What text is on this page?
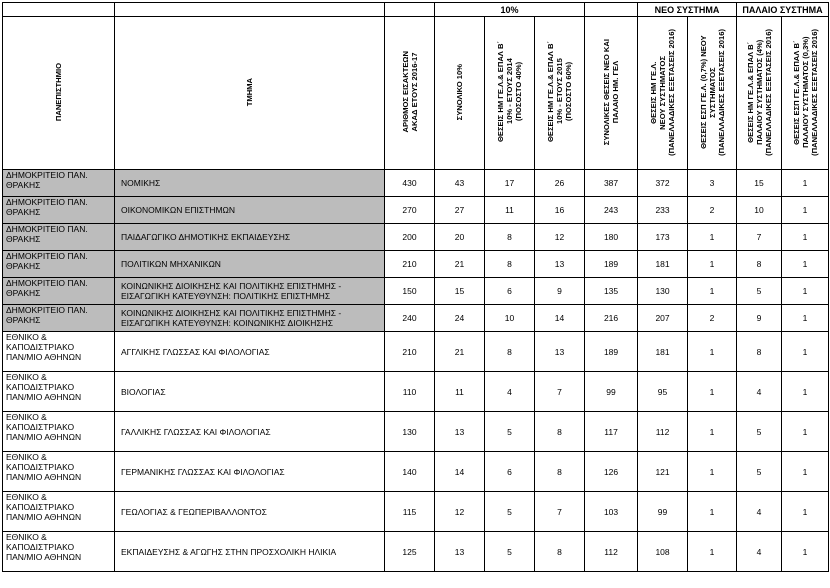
			10%				ΝΕΟ ΣΥΣΤΗΜΑ		ΠΑΛΑΙΟ ΣΥΣΤΗΜΑ	
ΠΑΝΕΠΙΣΤΗΜΙΟ	ΤΜΗΜΑ	ΑΡΙΘΜΟΣ ΕΙΣΑΚΤΕΩΝ
ΑΚΑΔ ΕΤΟΥΣ 2016-17	ΣΥΝΟΛΙΚΟ 10%	ΘΕΣΕΙΣ ΗΜ ΓΕ.Λ.& ΕΠΑΛ Β΄
10% - ΕΤΟΥΣ 2014
(ΠΟΣΟΣΤΟ 40%)	ΘΕΣΕΙΣ ΗΜ ΓΕ.Λ.& ΕΠΑΛ Β΄
10% - ΕΤΟΥΣ 2015
(ΠΟΣΟΣΤΟ 60%)	ΣΥΝΟΛΙΚΕΣ ΘΕΣΕΙΣ ΝΕΟ ΚΑΙ
ΠΑΛΑΙΟ ΗΜ. ΓΕΛ	ΘΕΣΕΙΣ ΗΜ ΓΕ.Λ.
ΝΕΟΥ ΣΥΣΤΗΜΑΤΟΣ
(ΠΑΝΕΛΛΑΔΙΚΕΣ ΕΞΕΤΑΣΕΙΣ 2016)	ΘΕΣΕΙΣ ΕΣΠ ΓΕ.Λ. (0,7%) ΝΕΟΥ
ΣΥΣΤΗΜΑΤΟΣ
(ΠΑΝΕΛΛΑΔΙΚΕΣ ΕΞΕΤΑΣΕΙΣ 2016)	ΘΕΣΕΙΣ ΗΜ ΓΕ.Λ.& ΕΠΑΛ Β΄
ΠΑΛΑΙΟΥ ΣΥΣΤΗΜΑΤΟΣ (4%)
(ΠΑΝΕΛΛΑΔΙΚΕΣ ΕΞΕΤΑΣΕΙΣ 2016)	ΘΕΣΕΙΣ ΕΣΠ ΓΕ.Λ.& ΕΠΑΛ Β΄
ΠΑΛΑΙΟΥ ΣΥΣΤΗΜΑΤΟΣ (0,3%)
(ΠΑΝΕΛΛΑΔΙΚΕΣ ΕΞΕΤΑΣΕΙΣ 2016)
ΔΗΜΟΚΡΙΤΕΙΟ ΠΑΝ.
ΘΡΑΚΗΣ	ΝΟΜΙΚΗΣ	430	43	17	26	387	372	3	15	1
ΔΗΜΟΚΡΙΤΕΙΟ ΠΑΝ.
ΘΡΑΚΗΣ	ΟΙΚΟΝΟΜΙΚΩΝ ΕΠΙΣΤΗΜΩΝ	270	27	11	16	243	233	2	10	1
ΔΗΜΟΚΡΙΤΕΙΟ ΠΑΝ.
ΘΡΑΚΗΣ	ΠΑΙΔΑΓΩΓΙΚΟ ΔΗΜΟΤΙΚΗΣ ΕΚΠΑΙΔΕΥΣΗΣ	200	20	8	12	180	173	1	7	1
ΔΗΜΟΚΡΙΤΕΙΟ ΠΑΝ.
ΘΡΑΚΗΣ	ΠΟΛΙΤΙΚΩΝ ΜΗΧΑΝΙΚΩΝ	210	21	8	13	189	181	1	8	1
ΔΗΜΟΚΡΙΤΕΙΟ ΠΑΝ.
ΘΡΑΚΗΣ	ΚΟΙΝΩΝΙΚΗΣ ΔΙΟΙΚΗΣΗΣ ΚΑΙ ΠΟΛΙΤΙΚΗΣ ΕΠΙΣΤΗΜΗΣ -
ΕΙΣΑΓΩΓΙΚΗ ΚΑΤΕΥΘΥΝΣΗ: ΠΟΛΙΤΙΚΗΣ ΕΠΙΣΤΗΜΗΣ	150	15	6	9	135	130	1	5	1
ΔΗΜΟΚΡΙΤΕΙΟ ΠΑΝ.
ΘΡΑΚΗΣ	ΚΟΙΝΩΝΙΚΗΣ ΔΙΟΙΚΗΣΗΣ ΚΑΙ ΠΟΛΙΤΙΚΗΣ ΕΠΙΣΤΗΜΗΣ -
ΕΙΣΑΓΩΓΙΚΗ ΚΑΤΕΥΘΥΝΣΗ: ΚΟΙΝΩΝΙΚΗΣ ΔΙΟΙΚΗΣΗΣ	240	24	10	14	216	207	2	9	1
ΕΘΝΙΚΟ &
ΚΑΠΟΔΙΣΤΡΙΑΚΟ
ΠΑΝ/ΜΙΟ ΑΘΗΝΩΝ	ΑΓΓΛΙΚΗΣ ΓΛΩΣΣΑΣ ΚΑΙ ΦΙΛΟΛΟΓΙΑΣ	210	21	8	13	189	181	1	8	1
ΕΘΝΙΚΟ &
ΚΑΠΟΔΙΣΤΡΙΑΚΟ
ΠΑΝ/ΜΙΟ ΑΘΗΝΩΝ	ΒΙΟΛΟΓΙΑΣ	110	11	4	7	99	95	1	4	1
ΕΘΝΙΚΟ &
ΚΑΠΟΔΙΣΤΡΙΑΚΟ
ΠΑΝ/ΜΙΟ ΑΘΗΝΩΝ	ΓΑΛΛΙΚΗΣ ΓΛΩΣΣΑΣ ΚΑΙ ΦΙΛΟΛΟΓΙΑΣ	130	13	5	8	117	112	1	5	1
ΕΘΝΙΚΟ &
ΚΑΠΟΔΙΣΤΡΙΑΚΟ
ΠΑΝ/ΜΙΟ ΑΘΗΝΩΝ	ΓΕΡΜΑΝΙΚΗΣ ΓΛΩΣΣΑΣ ΚΑΙ ΦΙΛΟΛΟΓΙΑΣ	140	14	6	8	126	121	1	5	1
ΕΘΝΙΚΟ &
ΚΑΠΟΔΙΣΤΡΙΑΚΟ
ΠΑΝ/ΜΙΟ ΑΘΗΝΩΝ	ΓΕΩΛΟΓΙΑΣ & ΓΕΩΠΕΡΙΒΑΛΛΟΝΤΟΣ	115	12	5	7	103	99	1	4	1
ΕΘΝΙΚΟ &
ΚΑΠΟΔΙΣΤΡΙΑΚΟ
ΠΑΝ/ΜΙΟ ΑΘΗΝΩΝ	ΕΚΠΑΙΔΕΥΣΗΣ & ΑΓΩΓΗΣ ΣΤΗΝ ΠΡΟΣΧΟΛΙΚΗ ΗΛΙΚΙΑ	125	13	5	8	112	108	1	4	1
